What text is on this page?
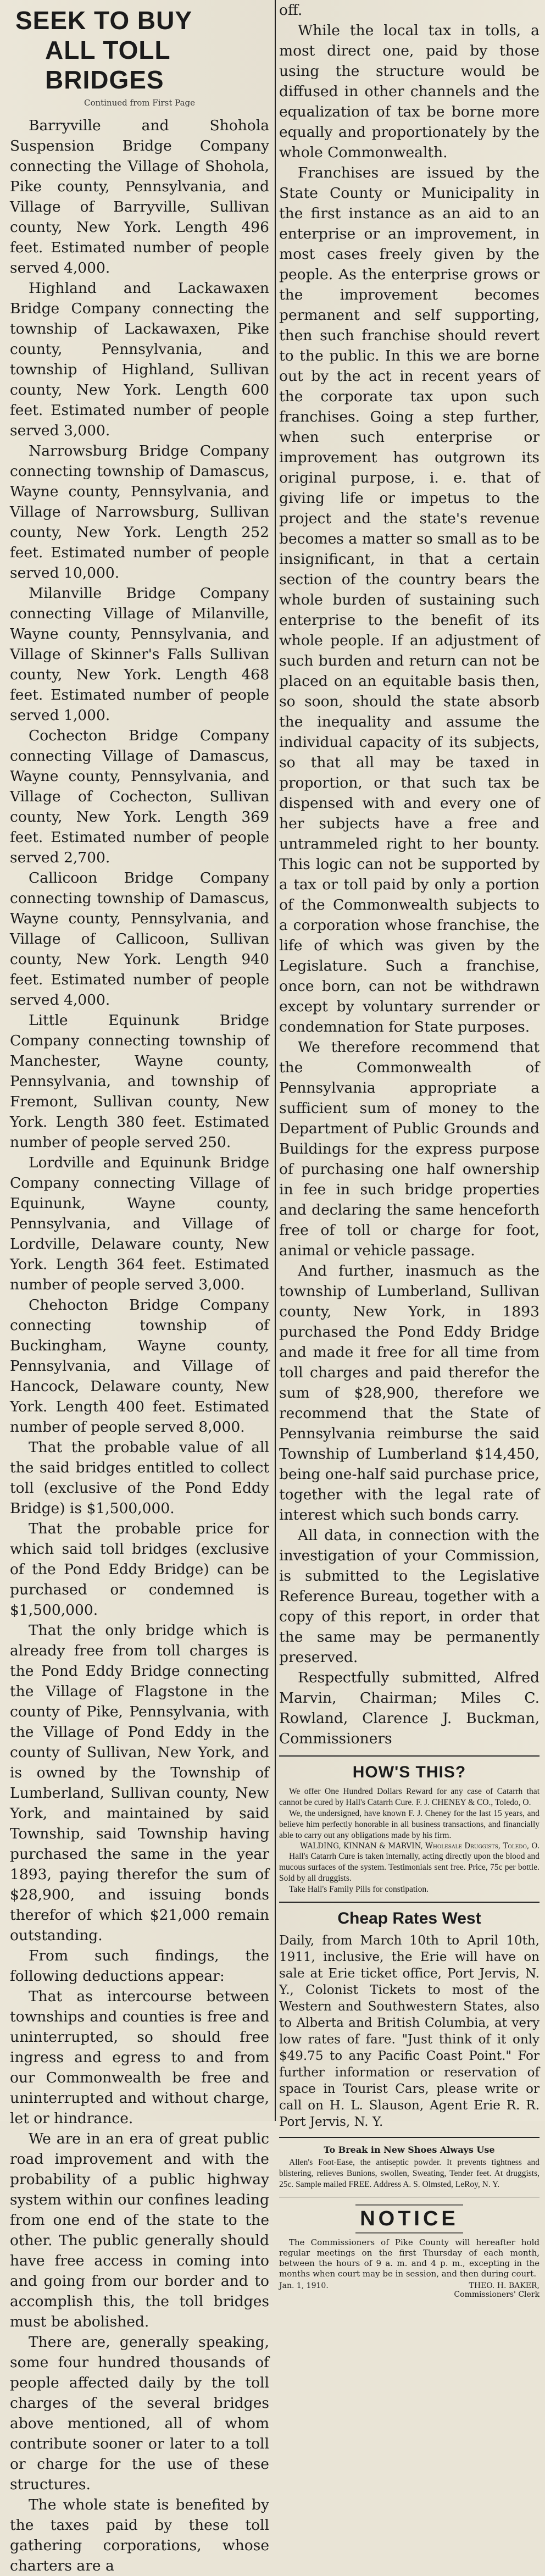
SEEK TO BUY
ALL TOLL BRIDGES
Continued from First Page

Barryville and Shohola Suspension Bridge Company connecting the Village of Shohola, Pike county, Pennsylvania, and Village of Barryville, Sullivan county, New York. Length 496 feet. Estimated number of people served 4,000.

Highland and Lackawaxen Bridge Company connecting the township of Lackawaxen, Pike county, Pennsylvania, and township of Highland, Sullivan county, New York. Length 600 feet. Estimated number of people served 3,000.

Narrowsburg Bridge Company connecting township of Damascus, Wayne county, Pennsylvania, and Village of Narrowsburg, Sullivan county, New York. Length 252 feet. Estimated number of people served 10,000.

Milanville Bridge Company connecting Village of Milanville, Wayne county, Pennsylvania, and Village of Skinner's Falls Sullivan county, New York. Length 468 feet. Estimated number of people served 1,000.

Cochecton Bridge Company connecting Village of Damascus, Wayne county, Pennsylvania, and Village of Cochecton, Sullivan county, New York. Length 369 feet. Estimated number of people served 2,700.

Callicoon Bridge Company connecting township of Damascus, Wayne county, Pennsylvania, and Village of Callicoon, Sullivan county, New York. Length 940 feet. Estimated number of people served 4,000.

Little Equinunk Bridge Company connecting township of Manchester, Wayne county, Pennsylvania, and township of Fremont, Sullivan county, New York. Length 380 feet. Estimated number of people served 250.

Lordville and Equinunk Bridge Company connecting Village of Equinunk, Wayne county, Pennsylvania, and Village of Lordville, Delaware county, New York. Length 364 feet. Estimated number of people served 3,000.

Chehocton Bridge Company connecting township of Buckingham, Wayne county, Pennsylvania, and Village of Hancock, Delaware county, New York. Length 400 feet. Estimated number of people served 8,000.

That the probable value of all the said bridges entitled to collect toll (exclusive of the Pond Eddy Bridge) is $1,500,000.

That the probable price for which said toll bridges (exclusive of the Pond Eddy Bridge) can be purchased or condemned is $1,500,000.

That the only bridge which is already free from toll charges is the Pond Eddy Bridge connecting the Village of Flagstone in the county of Pike, Pennsylvania, with the Village of Pond Eddy in the county of Sullivan, New York, and is owned by the Township of Lumberland, Sullivan county, New York, and maintained by said Township, said Township having purchased the same in the year 1893, paying therefor the sum of $28,900, and issuing bonds therefor of which $21,000 remain outstanding.

From such findings, the following deductions appear:

That as intercourse between townships and counties is free and uninterrupted, so should free ingress and egress to and from our Commonwealth be free and uninterrupted and without charge, let or hindrance.

We are in an era of great public road improvement and with the probability of a public highway system within our confines leading from one end of the state to the other. The public generally should have free access in coming into and going from our border and to accomplish this, the toll bridges must be abolished.

There are, generally speaking, some four hundred thousands of people affected daily by the toll charges of the several bridges above mentioned, all of whom contribute sooner or later to a toll or charge for the use of these structures.

The whole state is benefited by the taxes paid by these toll gathering corporations, whose charters are a

off.

While the local tax in tolls, a most direct one, paid by those using the structure would be diffused in other channels and the equalization of tax be borne more equally and proportionately by the whole Commonwealth.

Franchises are issued by the State County or Municipality in the first instance as an aid to an enterprise or an improvement, in most cases freely given by the people. As the enterprise grows or the improvement becomes permanent and self supporting, then such franchise should revert to the public. In this we are borne out by the act in recent years of the corporate tax upon such franchises. Going a step further, when such enterprise or improvement has outgrown its original purpose, i. e. that of giving life or impetus to the project and the state's revenue becomes a matter so small as to be insignificant, in that a certain section of the country bears the whole burden of sustaining such enterprise to the benefit of its whole people. If an adjustment of such burden and return can not be placed on an equitable basis then, so soon, should the state absorb the inequality and assume the individual capacity of its subjects, so that all may be taxed in proportion, or that such tax be dispensed with and every one of her subjects have a free and untrammeled right to her bounty. This logic can not be supported by a tax or toll paid by only a portion of the Commonwealth subjects to a corporation whose franchise, the life of which was given by the Legislature. Such a franchise, once born, can not be withdrawn except by voluntary surrender or condemnation for State purposes.

We therefore recommend that the Commonwealth of Pennsylvania appropriate a sufficient sum of money to the Department of Public Grounds and Buildings for the express purpose of purchasing one half ownership in fee in such bridge properties and declaring the same henceforth free of toll or charge for foot, animal or vehicle passage.

And further, inasmuch as the township of Lumberland, Sullivan county, New York, in 1893 purchased the Pond Eddy Bridge and made it free for all time from toll charges and paid therefor the sum of $28,900, therefore we recommend that the State of Pennsylvania reimburse the said Township of Lumberland $14,450, being one-half said purchase price, together with the legal rate of interest which such bonds carry.

All data, in connection with the investigation of your Commission, is submitted to the Legislative Reference Bureau, together with a copy of this report, in order that the same may be permanently preserved.

Respectfully submitted, Alfred Marvin, Chairman; Miles C. Rowland, Clarence J. Buckman, Commissioners

HOW'S THIS?

We offer One Hundred Dollars Reward for any case of Catarrh that cannot be cured by Hall's Catarrh Cure. F. J. CHENEY & CO., Toledo, O.

We, the undersigned, have known F. J. Cheney for the last 15 years, and believe him perfectly honorable in all business transactions, and financially able to carry out any obligations made by his firm.

WALDING, KINNAN & MARVIN, Wholesale Druggists, Toledo, O.

Hall's Catarrh Cure is taken internally, acting directly upon the blood and mucous surfaces of the system. Testimonials sent free. Price, 75c per bottle. Sold by all druggists.

Take Hall's Family Pills for constipation.

Cheap Rates West

Daily, from March 10th to April 10th, 1911, inclusive, the Erie will have on sale at Erie ticket office, Port Jervis, N. Y., Colonist Tickets to most of the Western and Southwestern States, also to Alberta and British Columbia, at very low rates of fare. "Just think of it only $49.75 to any Pacific Coast Point." For further information or reservation of space in Tourist Cars, please write or call on H. L. Slauson, Agent Erie R. R. Port Jervis, N. Y.

To Break in New Shoes Always Use

Allen's Foot-Ease, the antiseptic powder. It prevents tightness and blistering, relieves Bunions, swollen, Sweating, Tender feet. At druggists, 25c. Sample mailed FREE. Address A. S. Olmsted, LeRoy, N. Y.

NOTICE

The Commissioners of Pike County will hereafter hold regular meetings on the first Thursday of each month, between the hours of 9 a. m. and 4 p. m., excepting in the months when court may be in session, and then during court.

Jan. 1, 1910.	THEO. H. BAKER,
Commissioners' Clerk
